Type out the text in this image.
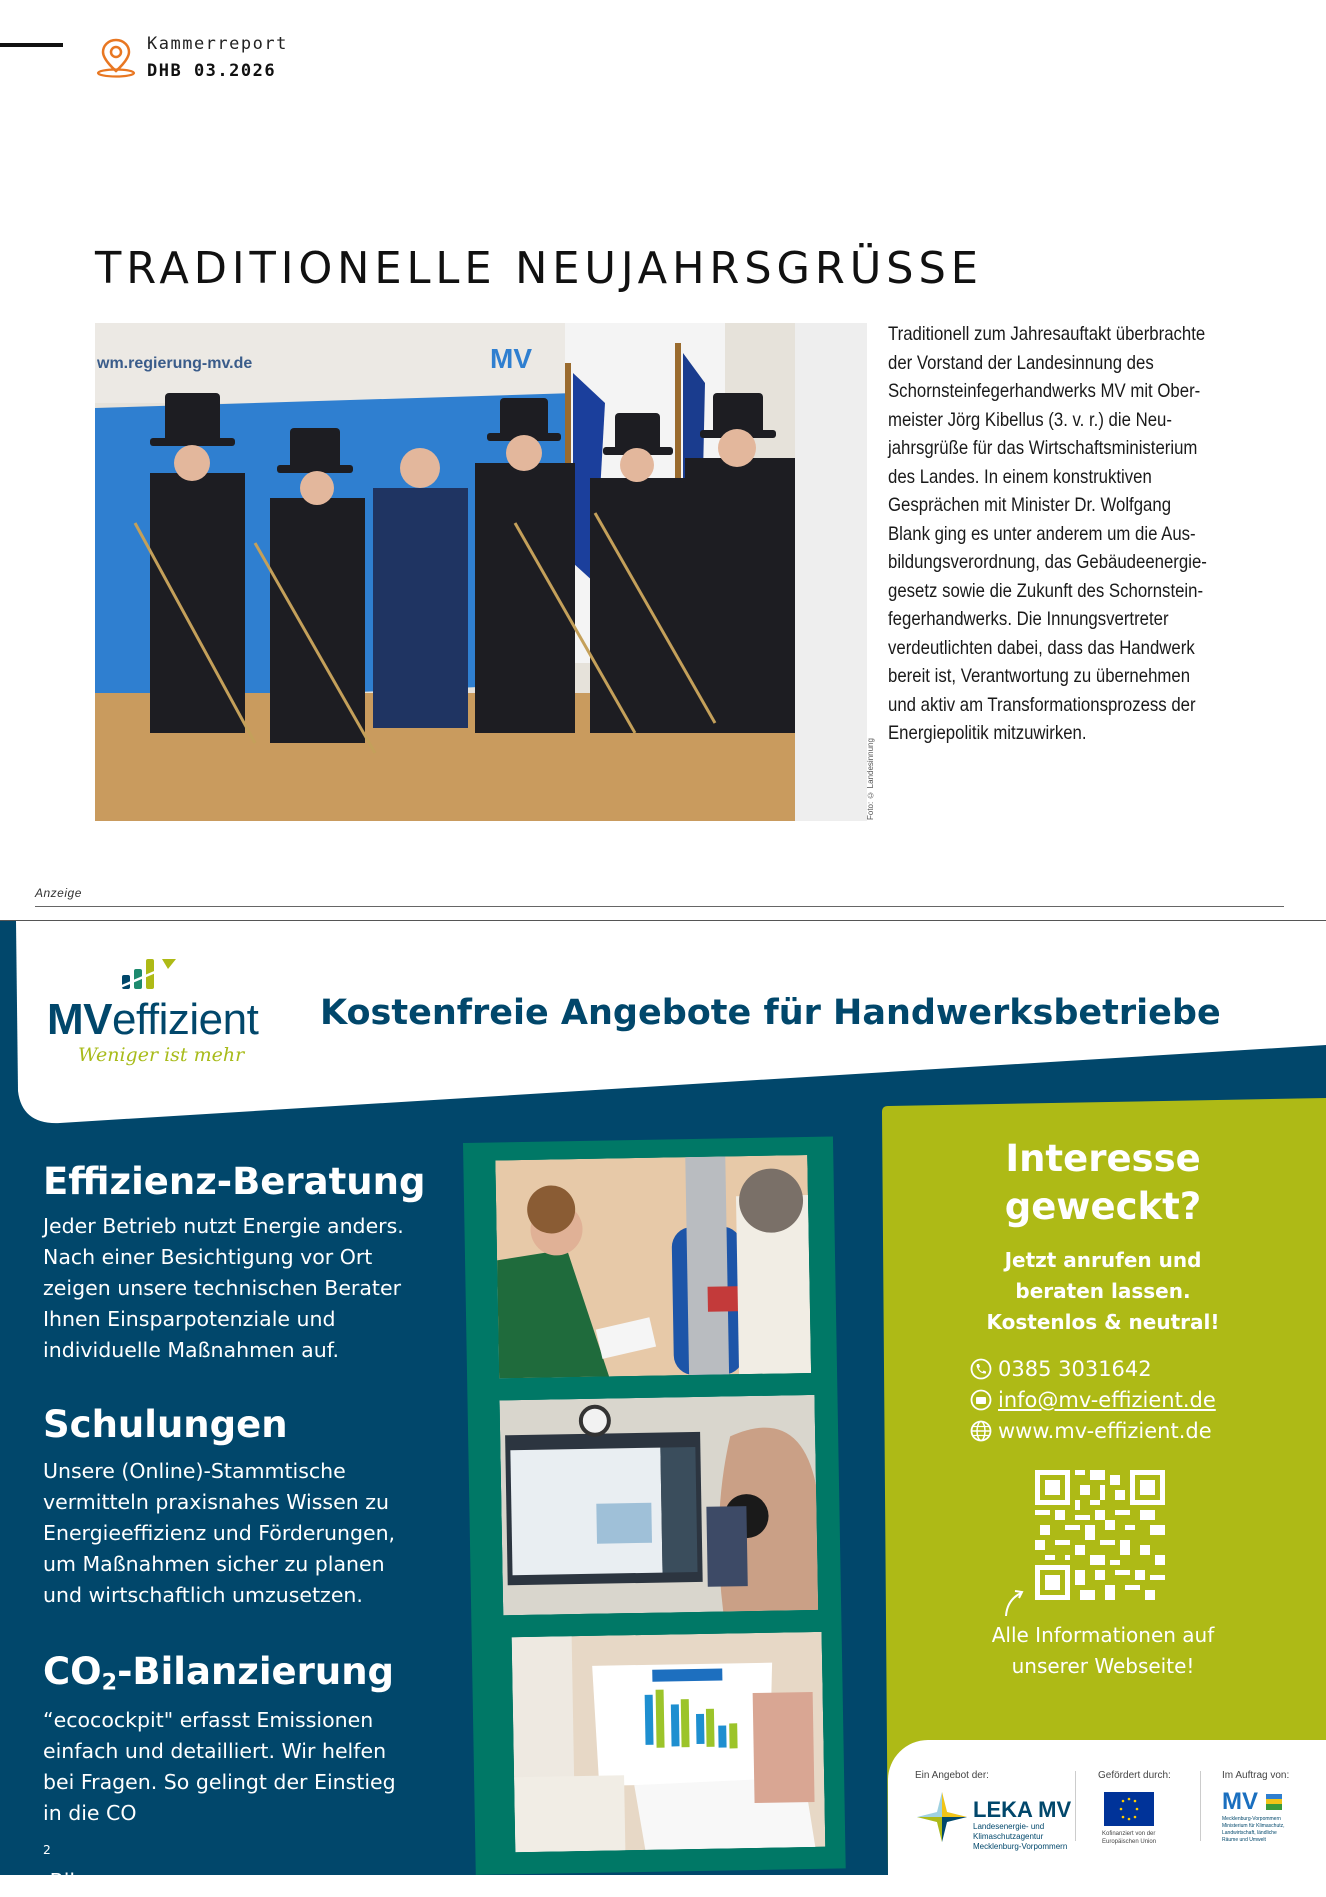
Kammerreport
DHB 03.2026
TRADITIONELLE NEUJAHRSGRÜSSE
wm.regierung-mv.de	MV
Foto: © Landesinnung
Traditionell zum Jahresauftakt überbrachte
der Vorstand der Landesinnung des
Schornsteinfegerhandwerks MV mit Ober-
meister Jörg Kibellus (3. v. r.) die Neu-
jahrsgrüße für das Wirtschaftsministerium
des Landes. In einem konstruktiven
Gesprächen mit Minister Dr. Wolfgang
Blank ging es unter anderem um die Aus-
bildungsverordnung, das Gebäudeenergie-
gesetz sowie die Zukunft des Schornstein-
fegerhandwerks. Die Innungsvertreter
verdeutlichten dabei, dass das Handwerk
bereit ist, Verantwortung zu übernehmen
und aktiv am Transformationsprozess der
Energiepolitik mitzuwirken.
Anzeige
MVeffizient
Weniger ist mehr
Kostenfreie Angebote für Handwerksbetriebe
Effizienz-Beratung
Jeder Betrieb nutzt Energie anders.
Nach einer Besichtigung vor Ort
zeigen unsere technischen Berater
Ihnen Einsparpotenziale und
individuelle Maßnahmen auf.
Schulungen
Unsere (Online)-Stammtische
vermitteln praxisnahes Wissen zu
Energieeffizienz und Förderungen,
um Maßnahmen sicher zu planen
und wirtschaftlich umzusetzen.
$CO_2$-Bilanzierung
“ecocockpit" erfasst Emissionen
einfach und detailliert. Wir helfen
bei Fragen. So gelingt der Einstieg
in die CO
$_2$
-Bilanz.
Interesse
geweckt?
Jetzt anrufen und
beraten lassen.
Kostenlos & neutral!
0385 3031642
info@mv-effizient.de
www.mv-effizient.de
Alle Informationen auf
unserer Webseite!
Ein Angebot der:
LEKA MV
Landesenergie- und
Klimaschutzagentur
Mecklenburg-Vorpommern
Gefördert durch:
Kofinanziert von der
Europäischen Union
Im Auftrag von:
MV
Mecklenburg-Vorpommern
Ministerium für Klimaschutz,
Landwirtschaft, ländliche
Räume und Umwelt
